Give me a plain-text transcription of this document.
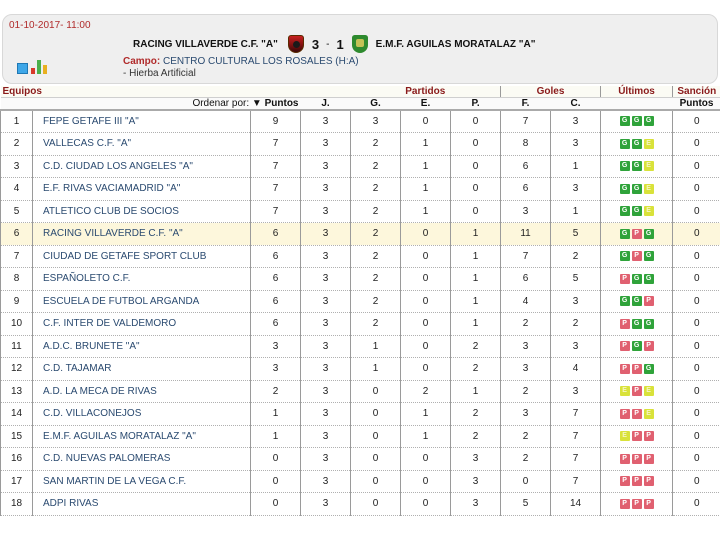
01-10-2017- 11:00
RACING VILLAVERDE C.F. "A"	3 - 1	E.M.F. AGUILAS MORATALAZ "A"
Campo: CENTRO CULTURAL LOS ROSALES (H:A)
- Hierba Artificial
Equipos				Partidos			Goles		Últimos	Sanción
Ordenar por: ▼ Puntos			J.	G.	E.	P.	F.	C.		Puntos
1	FEPE GETAFE III "A"	9	3	3	0	0	7	3	G G G	0
2	VALLECAS C.F. "A"	7	3	2	1	0	8	3	G G E	0
3	C.D. CIUDAD LOS ANGELES "A"	7	3	2	1	0	6	1	G G E	0
4	E.F. RIVAS VACIAMADRID "A"	7	3	2	1	0	6	3	G G E	0
5	ATLETICO CLUB DE SOCIOS	7	3	2	1	0	3	1	G G E	0
6	RACING VILLAVERDE C.F. "A"	6	3	2	0	1	11	5	G P G	0
7	CIUDAD DE GETAFE SPORT CLUB	6	3	2	0	1	7	2	G P G	0
8	ESPAÑOLETO C.F.	6	3	2	0	1	6	5	P G G	0
9	ESCUELA DE FUTBOL ARGANDA	6	3	2	0	1	4	3	G G P	0
10	C.F. INTER DE VALDEMORO	6	3	2	0	1	2	2	P G G	0
11	A.D.C. BRUNETE "A"	3	3	1	0	2	3	3	P G P	0
12	C.D. TAJAMAR	3	3	1	0	2	3	4	P P G	0
13	A.D. LA MECA DE RIVAS	2	3	0	2	1	2	3	E P E	0
14	C.D. VILLACONEJOS	1	3	0	1	2	3	7	P P E	0
15	E.M.F. AGUILAS MORATALAZ "A"	1	3	0	1	2	2	7	E P P	0
16	C.D. NUEVAS PALOMERAS	0	3	0	0	3	2	7	P P P	0
17	SAN MARTIN DE LA VEGA C.F.	0	3	0	0	3	0	7	P P P	0
18	ADPI RIVAS	0	3	0	0	3	5	14	P P P	0
